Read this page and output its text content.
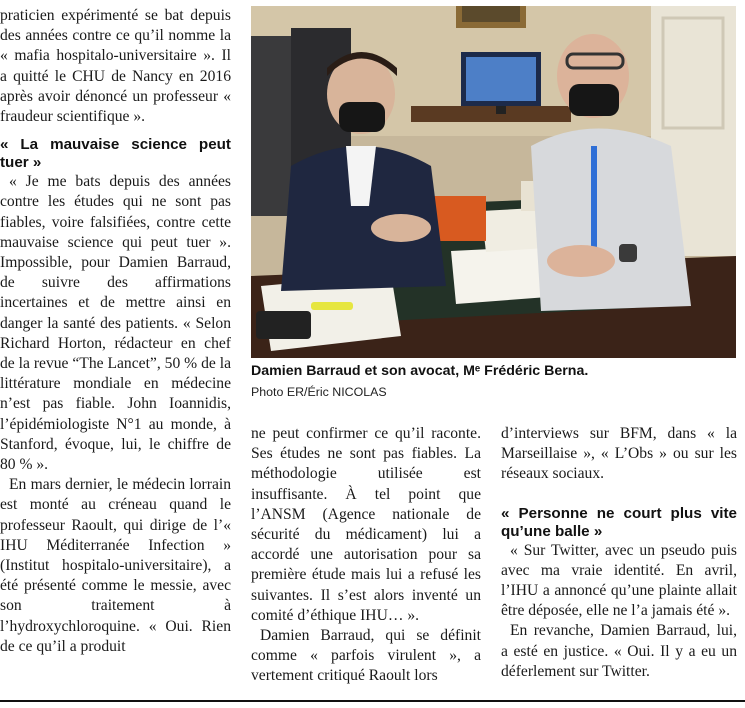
praticien expérimenté se bat depuis des années contre ce qu’il nomme la « mafia hospitalo-universitaire ». Il a quitté le CHU de Nancy en 2016 après avoir dénoncé un professeur « fraudeur scientifique ».

« La mauvaise science peut tuer »

« Je me bats depuis des années contre les études qui ne sont pas fiables, voire falsifiées, contre cette mauvaise science qui peut tuer ». Impossible, pour Damien Barraud, de suivre des affirmations incertaines et de mettre ainsi en danger la santé des patients. « Selon Richard Horton, rédacteur en chef de la revue “The Lancet”, 50 % de la littérature mondiale en médecine n’est pas fiable. John Ioannidis, l’épidémiologiste N°1 au monde, à Stanford, évoque, lui, le chiffre de 80 % ».

En mars dernier, le médecin lorrain est monté au créneau quand le professeur Raoult, qui dirige de l’« IHU Méditerranée Infection » (Institut hospitalo-universitaire), a été présenté comme le messie, avec son traitement à l’hydroxychloroquine. « Oui. Rien de ce qu’il a produit

Damien Barraud et son avocat, Mᵉ Frédéric Berna.
Photo ER/Éric NICOLAS

ne peut confirmer ce qu’il raconte. Ses études ne sont pas fiables. La méthodologie utilisée est insuffisante. À tel point que l’ANSM (Agence nationale de sécurité du médicament) lui a accordé une autorisation pour sa première étude mais lui a refusé les suivantes. Il s’est alors inventé un comité d’éthique IHU… ».

Damien Barraud, qui se définit comme « parfois virulent », a vertement critiqué Raoult lors

d’interviews sur BFM, dans « la Marseillaise », « L’Obs » ou sur les réseaux sociaux.

« Personne ne court plus vite qu’une balle »

« Sur Twitter, avec un pseudo puis avec ma vraie identité. En avril, l’IHU a annoncé qu’une plainte allait être déposée, elle ne l’a jamais été ».

En revanche, Damien Barraud, lui, a esté en justice. « Oui. Il y a eu un déferlement sur Twitter.
